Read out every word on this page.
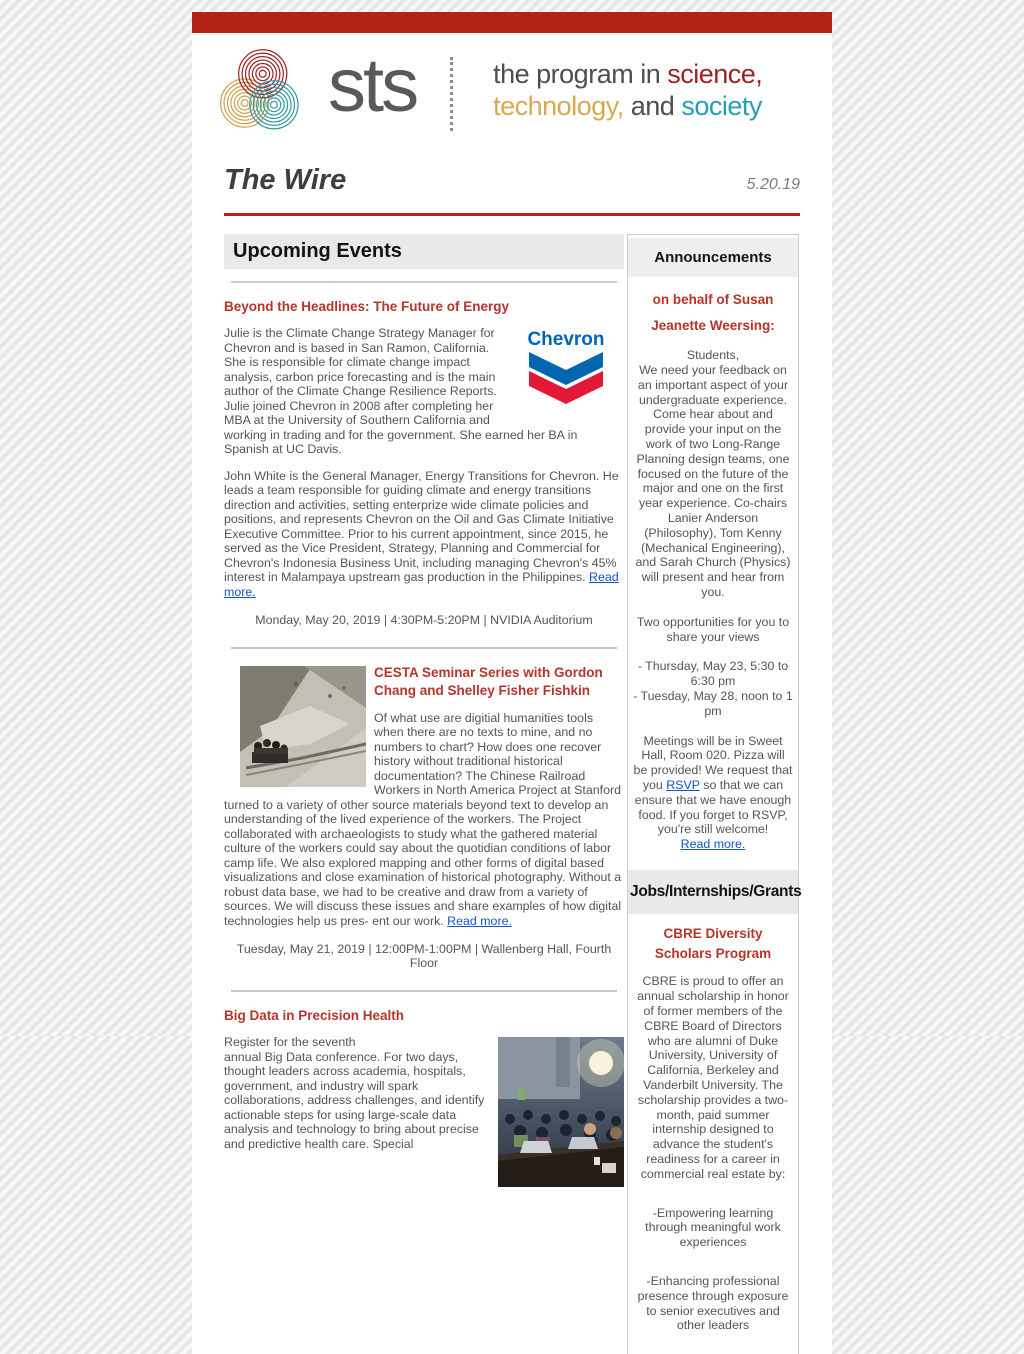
sts	the program in science,
technology, and society
The Wire	5.20.19
Upcoming Events
Beyond the Headlines: The Future of Energy
Chevron

Julie is the Climate Change Strategy Manager for Chevron and is based in San Ramon, California. She is responsible for climate change impact analysis, carbon price forecasting and is the main author of the Climate Change Resilience Reports. Julie joined Chevron in 2008 after completing her MBA at the University of Southern California and working in trading and for the government. She earned her BA in Spanish at UC Davis.

John White is the General Manager, Energy Transitions for Chevron. He leads a team responsible for guiding climate and energy transitions direction and activities, setting enterprize wide climate policies and positions, and represents Chevron on the Oil and Gas Climate Initiative Executive Committee. Prior to his current appointment, since 2015, he served as the Vice President, Strategy, Planning and Commercial for Chevron's Indonesia Business Unit, including managing Chevron's 45% interest in Malampaya upstream gas production in the Philippines. Read more.

Monday, May 20, 2019 | 4:30PM-5:20PM | NVIDIA Auditorium
CESTA Seminar Series with Gordon Chang and Shelley Fisher Fishkin

Of what use are digitial humanities tools when there are no texts to mine, and no numbers to chart? How does one recover history without traditional historical documentation? The Chinese Railroad Workers in North America Project at Stanford turned to a variety of other source materials beyond text to develop an understanding of the lived experience of the workers. The Project collaborated with archaeologists to study what the gathered material culture of the workers could say about the quotidian conditions of labor camp life. We also explored mapping and other forms of digital based visualizations and close examination of historical photography. Without a robust data base, we had to be creative and draw from a variety of sources. We will discuss these issues and share examples of how digital technologies help us pres- ent our work. Read more.

Tuesday, May 21, 2019 | 12:00PM-1:00PM | Wallenberg Hall, Fourth Floor
Big Data in Precision Health

Register for the seventh
annual Big Data conference. For two days, thought leaders across academia, hospitals, government, and industry will spark collaborations, address challenges, and identify actionable steps for using large-scale data analysis and technology to bring about precise and predictive health care. Special

Announcements
on behalf of Susan Jeanette Weersing:

Students,
We need your feedback on an important aspect of your undergraduate experience. Come hear about and provide your input on the work of two Long-Range Planning design teams, one focused on the future of the major and one on the first year experience. Co-chairs Lanier Anderson (Philosophy), Tom Kenny (Mechanical Engineering), and Sarah Church (Physics) will present and hear from you.

Two opportunities for you to share your views

- Thursday, May 23, 5:30 to 6:30 pm
- Tuesday, May 28, noon to 1 pm

Meetings will be in Sweet Hall, Room 020. Pizza will be provided! We request that you RSVP so that we can ensure that we have enough food. If you forget to RSVP, you're still welcome!
Read more.

Jobs/Internships/Grants
CBRE Diversity Scholars Program

CBRE is proud to offer an annual scholarship in honor of former members of the CBRE Board of Directors who are alumni of Duke University, University of California, Berkeley and Vanderbilt University. The scholarship provides a two-month, paid summer internship designed to advance the student's readiness for a career in commercial real estate by:

-Empowering learning through meaningful work experiences

-Enhancing professional presence through exposure to senior executives and other leaders
